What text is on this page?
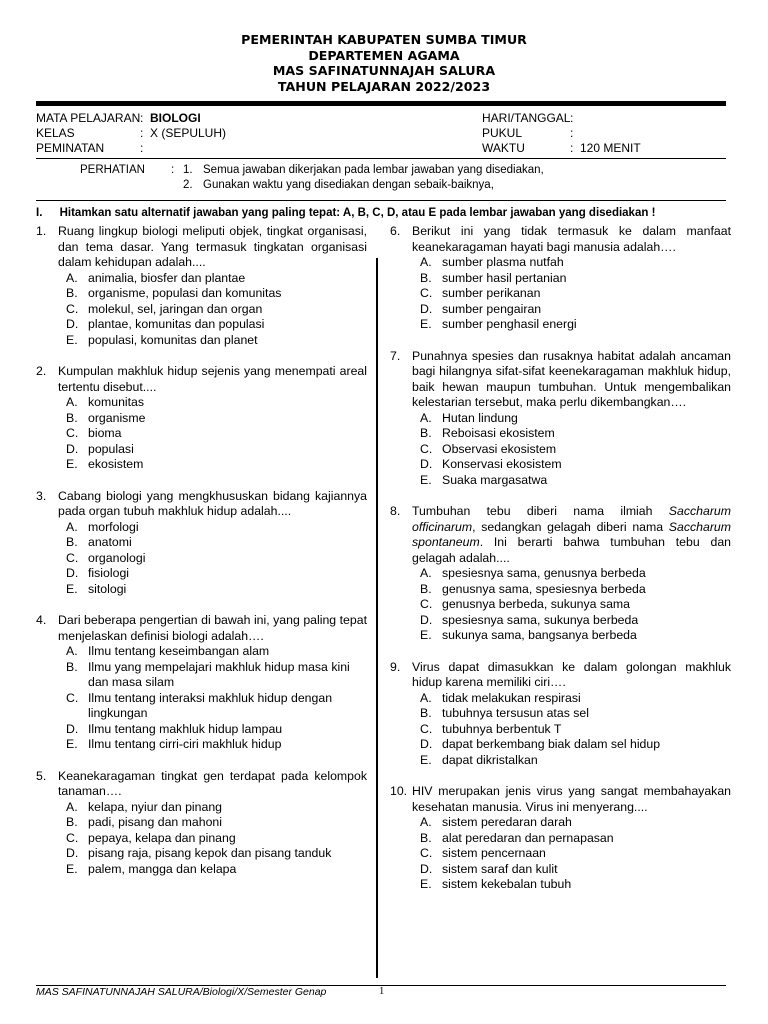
PEMERINTAH KABUPATEN SUMBA TIMUR
DEPARTEMEN AGAMA
MAS SAFINATUNNAJAH SALURA
TAHUN PELAJARAN 2022/2023
MATA PELAJARAN : BIOLOGI
KELAS	: X (SEPULUH)
PEMINATAN	:
HARI/TANGGAL :
PUKUL	:
WAKTU	: 120 MENIT
PERHATIAN : 1. Semua jawaban dikerjakan pada lembar jawaban yang disediakan,
2. Gunakan waktu yang disediakan dengan sebaik-baiknya,
I. Hitamkan satu alternatif jawaban yang paling tepat: A, B, C, D, atau E pada lembar jawaban yang disediakan !
1. Ruang lingkup biologi meliputi objek, tingkat organisasi, dan tema dasar. Yang termasuk tingkatan organisasi dalam kehidupan adalah....
A. animalia, biosfer dan plantae
B. organisme, populasi dan komunitas
C. molekul, sel, jaringan dan organ
D. plantae, komunitas dan populasi
E. populasi, komunitas dan planet
2. Kumpulan makhluk hidup sejenis yang menempati areal tertentu disebut....
A. komunitas
B. organisme
C. bioma
D. populasi
E. ekosistem
3. Cabang biologi yang mengkhususkan bidang kajiannya pada organ tubuh makhluk hidup adalah....
A. morfologi
B. anatomi
C. organologi
D. fisiologi
E. sitologi
4. Dari beberapa pengertian di bawah ini, yang paling tepat menjelaskan definisi biologi adalah….
A. Ilmu tentang keseimbangan alam
B. Ilmu yang mempelajari makhluk hidup masa kini dan masa silam
C. Ilmu tentang interaksi makhluk hidup dengan lingkungan
D. Ilmu tentang makhluk hidup lampau
E. Ilmu tentang cirri-ciri makhluk hidup
5. Keanekaragaman tingkat gen terdapat pada kelompok tanaman….
A. kelapa, nyiur dan pinang
B. padi, pisang dan mahoni
C. pepaya, kelapa dan pinang
D. pisang raja, pisang kepok dan pisang tanduk
E. palem, mangga dan kelapa
6. Berikut ini yang tidak termasuk ke dalam manfaat keanekaragaman hayati bagi manusia adalah….
A. sumber plasma nutfah
B. sumber hasil pertanian
C. sumber perikanan
D. sumber pengairan
E. sumber penghasil energi
7. Punahnya spesies dan rusaknya habitat adalah ancaman bagi hilangnya sifat-sifat keenekaragaman makhluk hidup, baik hewan maupun tumbuhan. Untuk mengembalikan kelestarian tersebut, maka perlu dikembangkan….
A. Hutan lindung
B. Reboisasi ekosistem
C. Observasi ekosistem
D. Konservasi ekosistem
E. Suaka margasatwa
8. Tumbuhan tebu diberi nama ilmiah Saccharum officinarum, sedangkan gelagah diberi nama Saccharum spontaneum. Ini berarti bahwa tumbuhan tebu dan gelagah adalah....
A. spesiesnya sama, genusnya berbeda
B. genusnya sama, spesiesnya berbeda
C. genusnya berbeda, sukunya sama
D. spesiesnya sama, sukunya berbeda
E. sukunya sama, bangsanya berbeda
9. Virus dapat dimasukkan ke dalam golongan makhluk hidup karena memiliki ciri….
A. tidak melakukan respirasi
B. tubuhnya tersusun atas sel
C. tubuhnya berbentuk T
D. dapat berkembang biak dalam sel hidup
E. dapat dikristalkan
10. HIV merupakan jenis virus yang sangat membahayakan kesehatan manusia. Virus ini menyerang....
A. sistem peredaran darah
B. alat peredaran dan pernapasan
C. sistem pencernaan
D. sistem saraf dan kulit
E. sistem kekebalan tubuh
MAS SAFINATUNNAJAH SALURA/Biologi/X/Semester Genap	1
